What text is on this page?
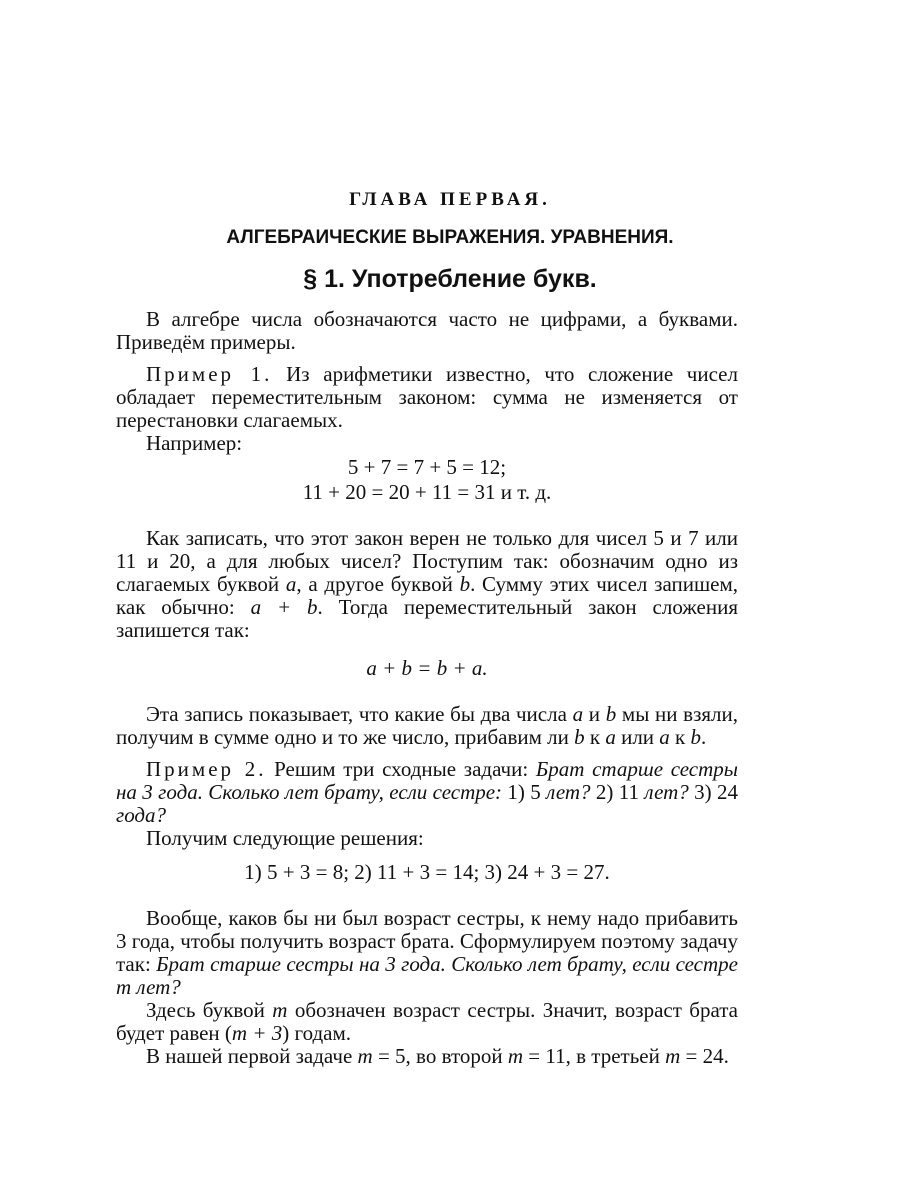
ГЛАВА ПЕРВАЯ.
АЛГЕБРАИЧЕСКИЕ ВЫРАЖЕНИЯ. УРАВНЕНИЯ.
§ 1. Употребление букв.

В алгебре числа обозначаются часто не цифрами, а буквами. Приведём примеры.

Пример 1. Из арифметики известно, что сложение чисел обладает переместительным законом: сумма не изменяется от перестановки слагаемых.

Например:

5 + 7 = 7 + 5 = 12;

11 + 20 = 20 + 11 = 31 и т. д.

Как записать, что этот закон верен не только для чисел 5 и 7 или 11 и 20, а для любых чисел? Поступим так: обозначим одно из слагаемых буквой a, а другое буквой b. Сумму этих чисел запишем, как обычно: a + b. Тогда переместительный закон сложения запишется так:

a + b = b + a.

Эта запись показывает, что какие бы два числа a и b мы ни взяли, получим в сумме одно и то же число, прибавим ли b к a или a к b.

Пример 2. Решим три сходные задачи: Брат старше сестры на 3 года. Сколько лет брату, если сестре: 1) 5 лет? 2) 11 лет? 3) 24 года?

Получим следующие решения:

1) 5 + 3 = 8; 2) 11 + 3 = 14; 3) 24 + 3 = 27.

Вообще, каков бы ни был возраст сестры, к нему надо прибавить 3 года, чтобы получить возраст брата. Сформулируем поэтому задачу так: Брат старше сестры на 3 года. Сколько лет брату, если сестре m лет?

Здесь буквой m обозначен возраст сестры. Значит, возраст брата будет равен (m + 3) годам.

В нашей первой задаче m = 5, во второй m = 11, в третьей m = 24.
